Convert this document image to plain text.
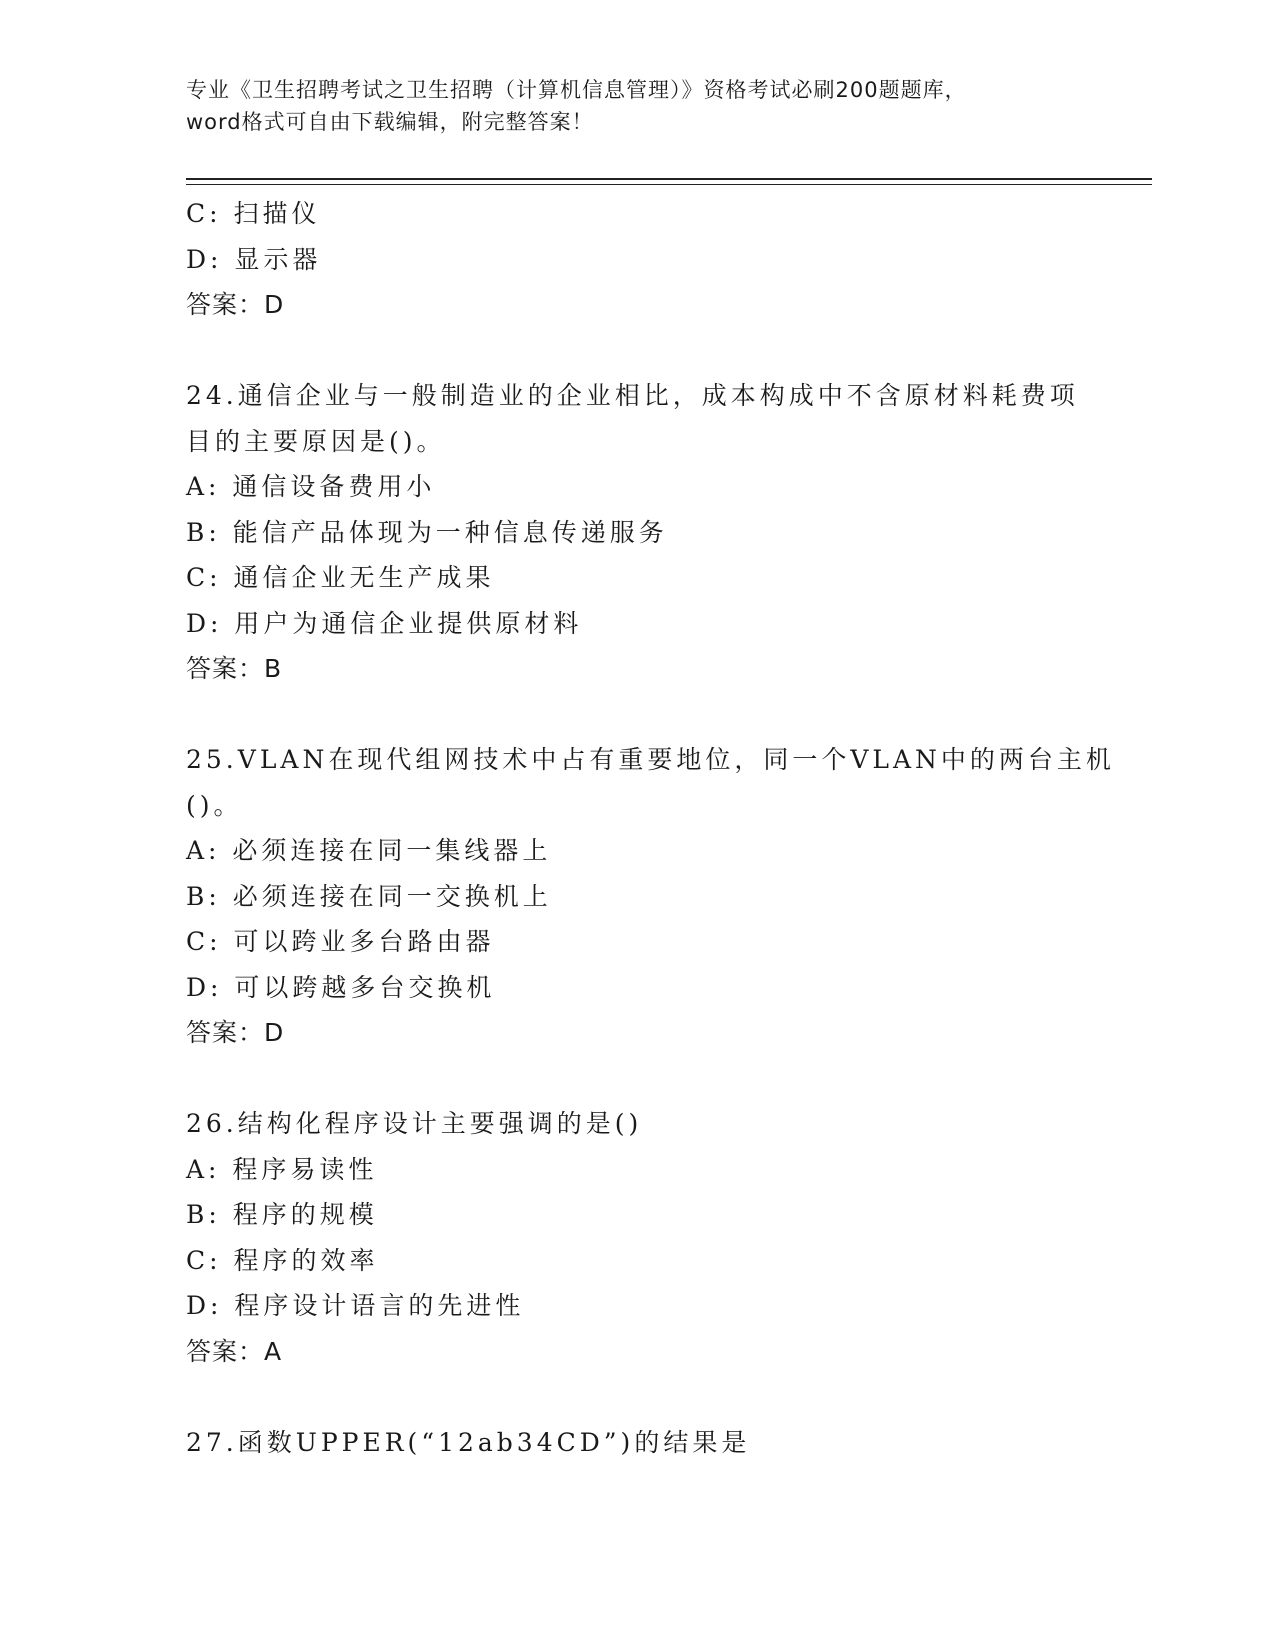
专业《卫生招聘考试之卫生招聘（计算机信息管理）》资格考试必刷200题题库，
word格式可自由下载编辑，附完整答案！
C: 扫描仪
D: 显示器
答案：D
24.通信企业与一般制造业的企业相比，成本构成中不含原材料耗费项
目的主要原因是()。
A: 通信设备费用小
B: 能信产品体现为一种信息传递服务
C: 通信企业无生产成果
D: 用户为通信企业提供原材料
答案：B
25.VLAN在现代组网技术中占有重要地位，同一个VLAN中的两台主机
()。
A: 必须连接在同一集线器上
B: 必须连接在同一交换机上
C: 可以跨业多台路由器
D: 可以跨越多台交换机
答案：D
26.结构化程序设计主要强调的是()
A: 程序易读性
B: 程序的规模
C: 程序的效率
D: 程序设计语言的先进性
答案：A
27.函数UPPER(“12ab34CD”)的结果是
